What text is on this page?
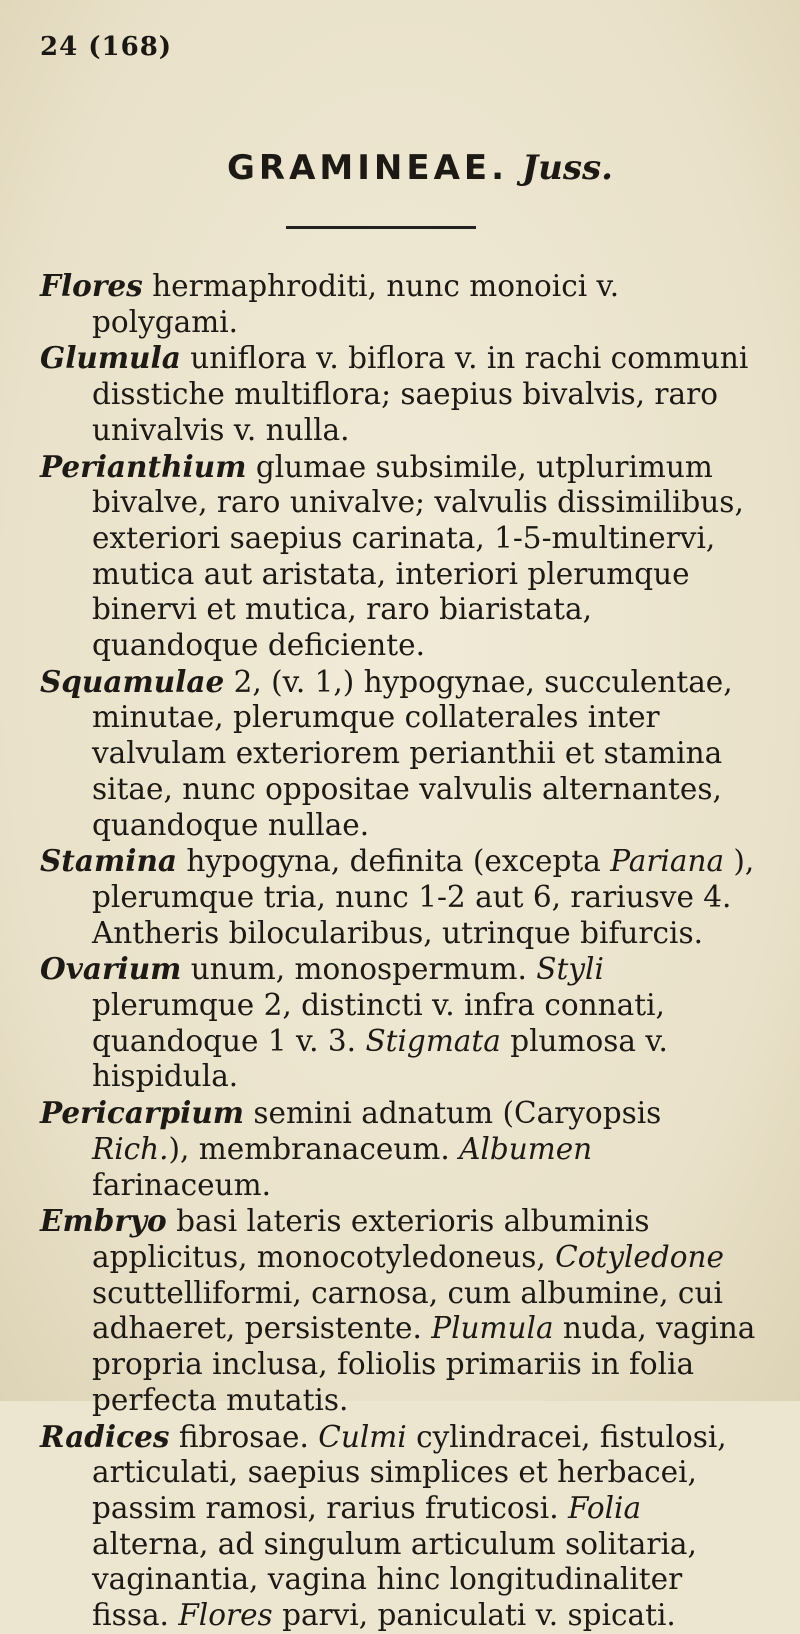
24 (168)
GRAMINEAE. Juss.

Flores hermaphroditi, nunc monoici v. polygami.

Glumula uniflora v. biflora v. in rachi communi disstiche multiflora; saepius bivalvis, raro univalvis v. nulla.

Perianthium glumae subsimile, utplurimum bivalve, raro univalve; valvulis dissimilibus, exteriori saepius carinata, 1-5-multinervi, mutica aut aristata, interiori plerumque binervi et mutica, raro biaristata, quandoque deficiente.

Squamulae 2, (v. 1,) hypogynae, succulentae, minutae, plerumque collaterales inter valvulam exteriorem perianthii et stamina sitae, nunc oppositae valvulis alternantes, quandoque nullae.

Stamina hypogyna, definita (excepta Pariana ), plerumque tria, nunc 1-2 aut 6, rariusve 4. Antheris bilocularibus, utrinque bifurcis.

Ovarium unum, monospermum. Styli plerumque 2, distincti v. infra connati, quandoque 1 v. 3. Stigmata plumosa v. hispidula.

Pericarpium semini adnatum (Caryopsis Rich.), membranaceum. Albumen farinaceum.

Embryo basi lateris exterioris albuminis applicitus, monocotyledoneus, Cotyledone scuttelliformi, carnosa, cum albumine, cui adhaeret, persistente. Plumula nuda, vagina propria inclusa, foliolis primariis in folia perfecta mutatis.

Radices fibrosae. Culmi cylindracei, fistulosi, articulati, saepius simplices et herbacei, passim ramosi, rarius fruticosi. Folia alterna, ad singulum articulum solitaria, vaginantia, vagina hinc longitudinaliter fissa. Flores parvi, paniculati v. spicati.
